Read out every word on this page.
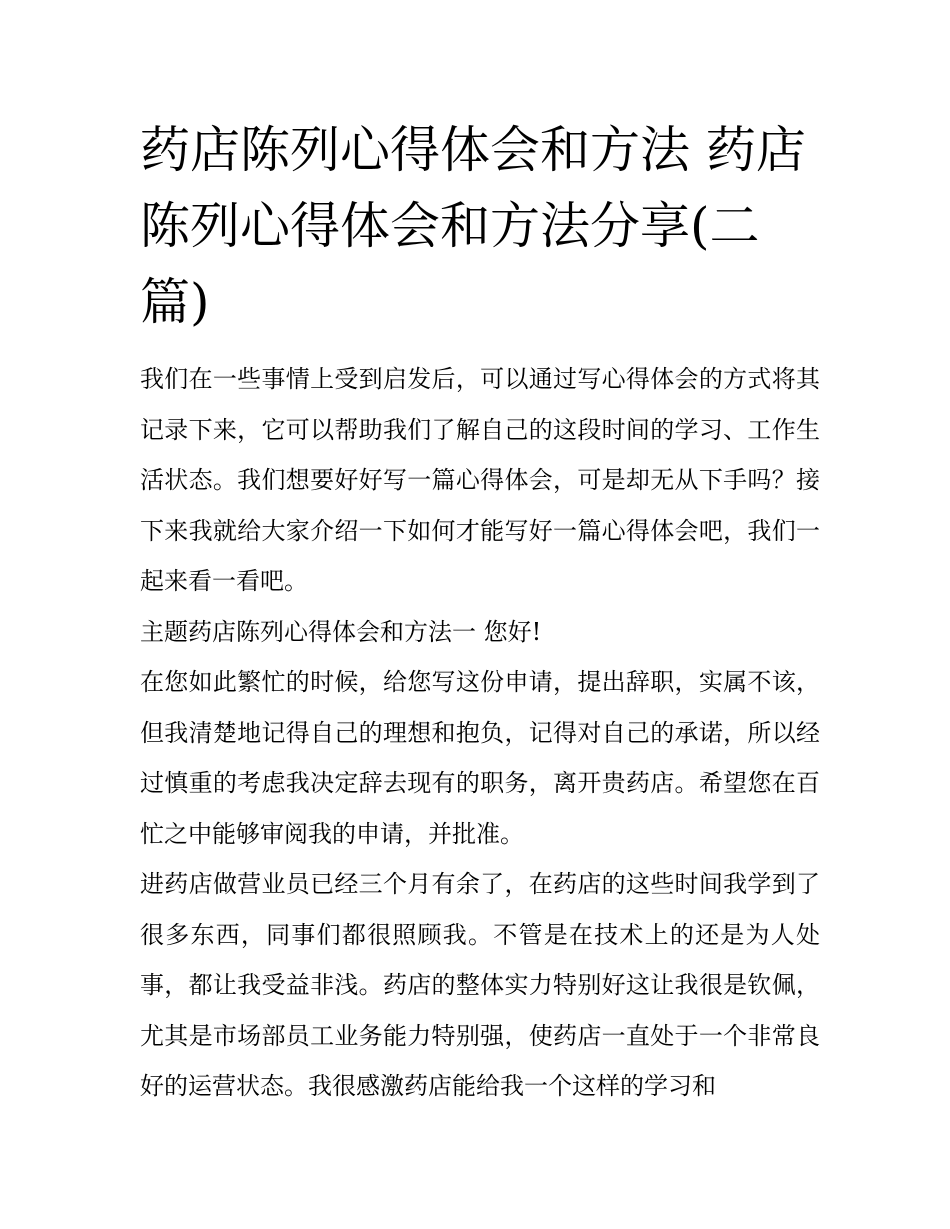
药店陈列心得体会和方法 药店陈列心得体会和方法分享(二篇)

我们在一些事情上受到启发后，可以通过写心得体会的方式将其记录下来，它可以帮助我们了解自己的这段时间的学习、工作生活状态。我们想要好好写一篇心得体会，可是却无从下手吗？接下来我就给大家介绍一下如何才能写好一篇心得体会吧，我们一起来看一看吧。

主题药店陈列心得体会和方法一 您好!

在您如此繁忙的时候，给您写这份申请，提出辞职，实属不该，但我清楚地记得自己的理想和抱负，记得对自己的承诺，所以经过慎重的考虑我决定辞去现有的职务，离开贵药店。希望您在百忙之中能够审阅我的申请，并批准。

进药店做营业员已经三个月有余了，在药店的这些时间我学到了很多东西，同事们都很照顾我。不管是在技术上的还是为人处事，都让我受益非浅。药店的整体实力特别好这让我很是钦佩，尤其是市场部员工业务能力特别强，使药店一直处于一个非常良好的运营状态。我很感激药店能给我一个这样的学习和
